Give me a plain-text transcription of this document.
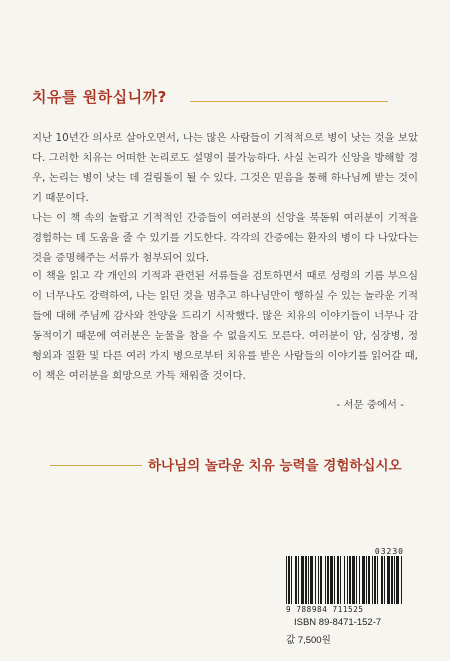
치유를 원하십니까?

지난 10년간 의사로 살아오면서, 나는 많은 사람들이 기적적으로 병이 낫는 것을 보았다. 그러한 치유는 어떠한 논리로도 설명이 불가능하다. 사실 논리가 신앙을 방해할 경우, 논리는 병이 낫는 데 걸림돌이 될 수 있다. 그것은 믿음을 통해 하나님께 받는 것이기 때문이다.

나는 이 책 속의 놀랍고 기적적인 간증들이 여러분의 신앙을 북돋워 여러분이 기적을 경험하는 데 도움을 줄 수 있기를 기도한다. 각각의 간증에는 환자의 병이 다 나았다는 것을 증명해주는 서류가 첨부되어 있다.

이 책을 읽고 각 개인의 기적과 관련된 서류들을 검토하면서 때로 성령의 기름 부으심이 너무나도 강력하여, 나는 읽던 것을 멈추고 하나님만이 행하실 수 있는 놀라운 기적들에 대해 주님께 감사와 찬양을 드리기 시작했다. 많은 치유의 이야기들이 너무나 감동적이기 때문에 여러분은 눈물을 참을 수 없을지도 모른다. 여러분이 암, 심장병, 정형외과 질환 및 다른 여러 가지 병으로부터 치유를 받은 사람들의 이야기를 읽어갈 때, 이 책은 여러분을 희망으로 가득 채워줄 것이다.

- 서문 중에서 -
하나님의 놀라운 치유 능력을 경험하십시오
03230
9 788984 711525
ISBN 89-8471-152-7
값 7,500원
